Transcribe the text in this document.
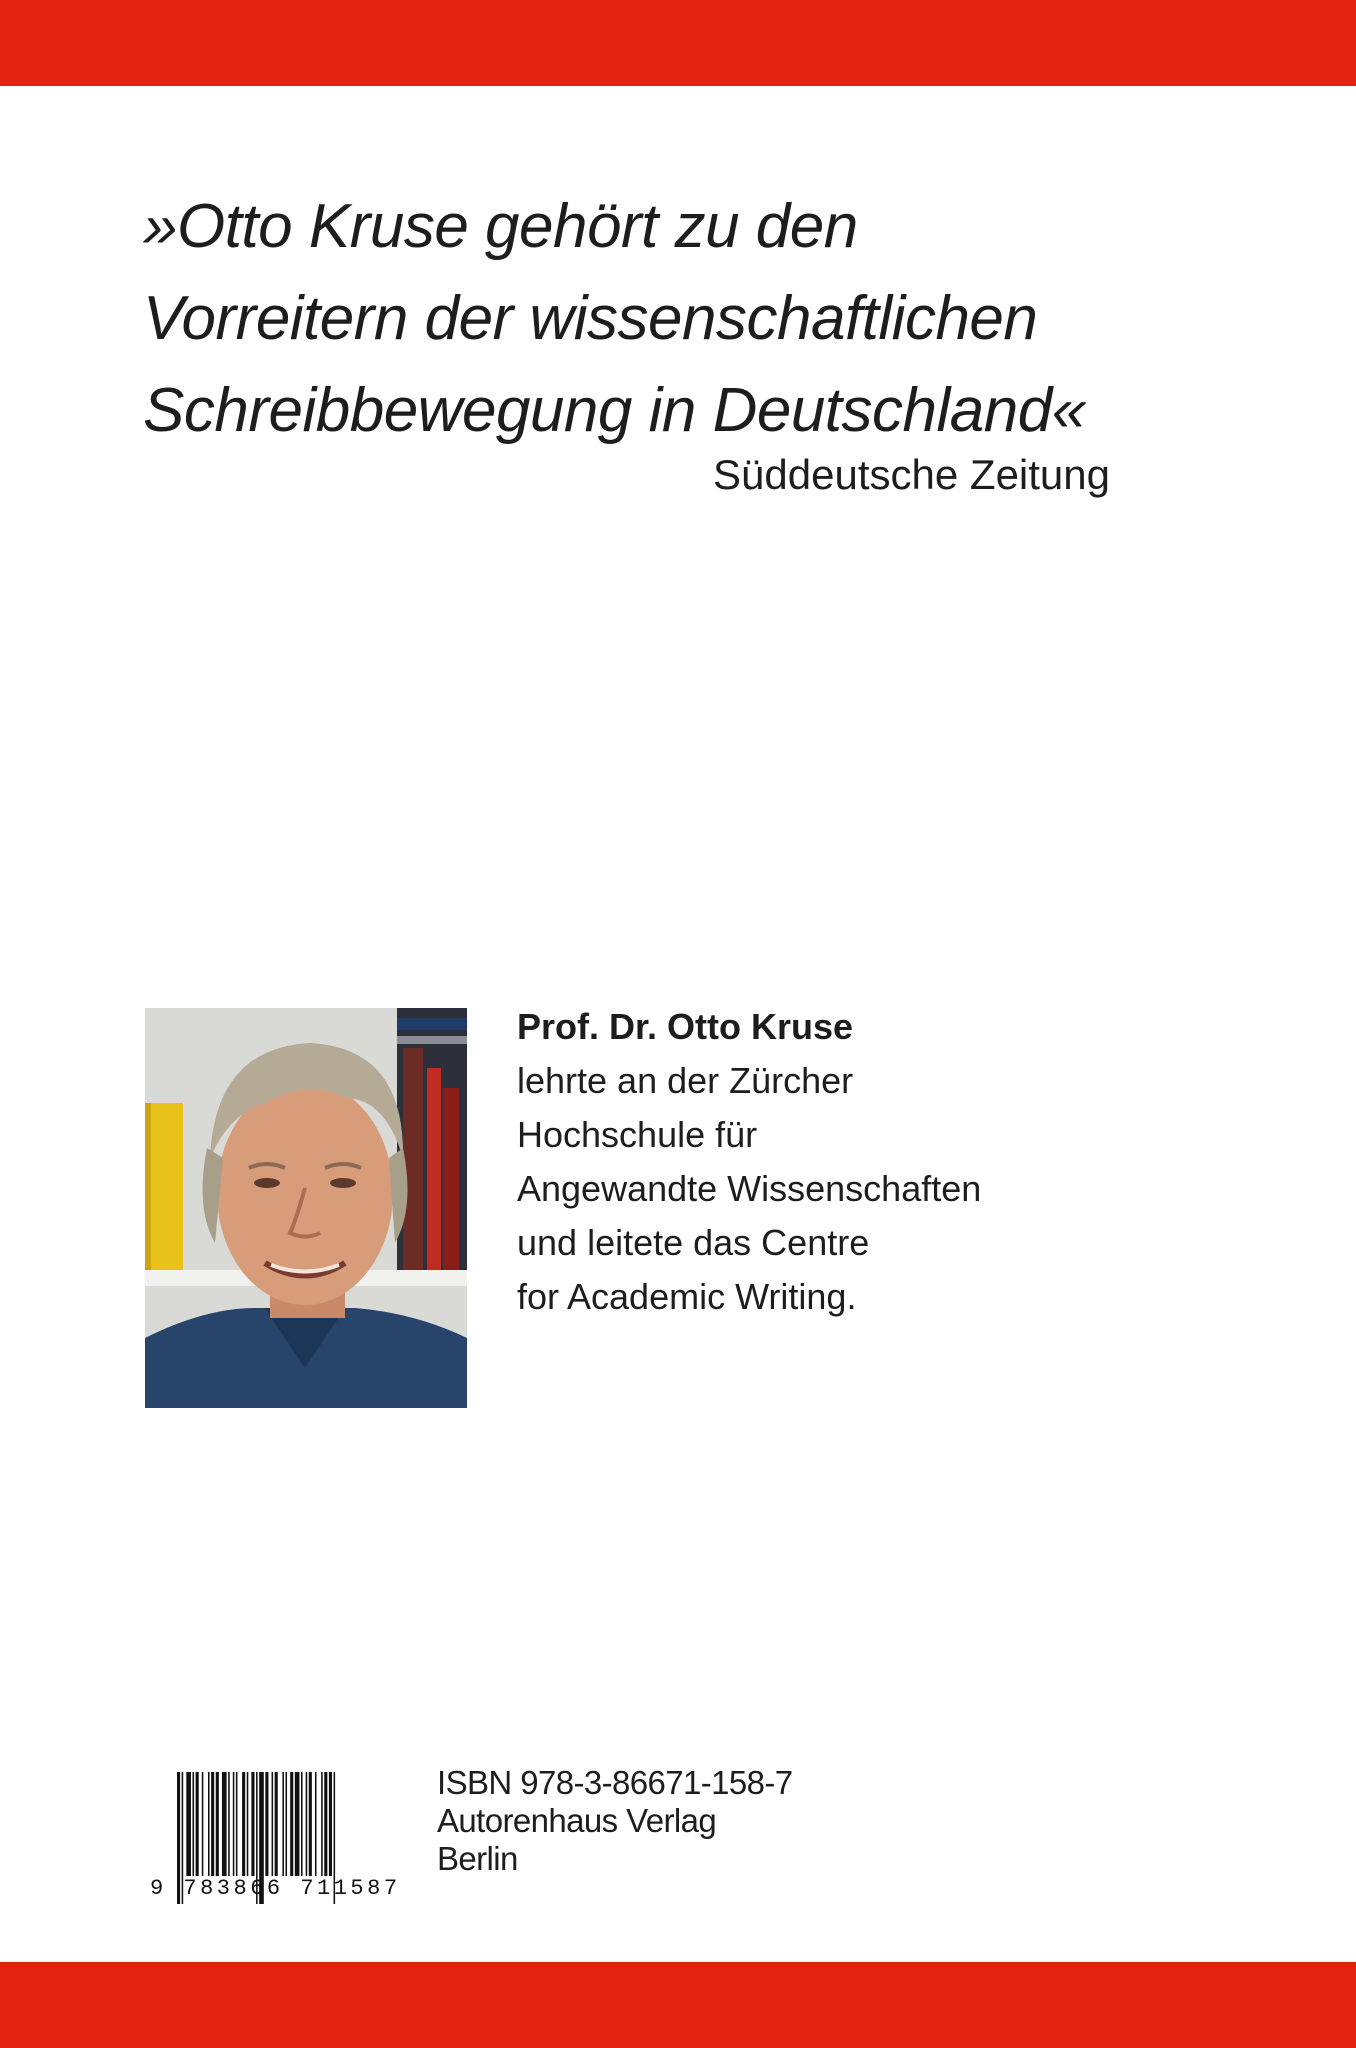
»Otto Kruse gehört zu den
Vorreitern der wissenschaftlichen
Schreibbewegung in Deutschland«
Süddeutsche Zeitung
Prof. Dr. Otto Kruse
lehrte an der Zürcher
Hochschule für
Angewandte Wissenschaften
und leitete das Centre
for Academic Writing.
9 783866 711587
ISBN 978-3-86671-158-7
Autorenhaus Verlag
Berlin
